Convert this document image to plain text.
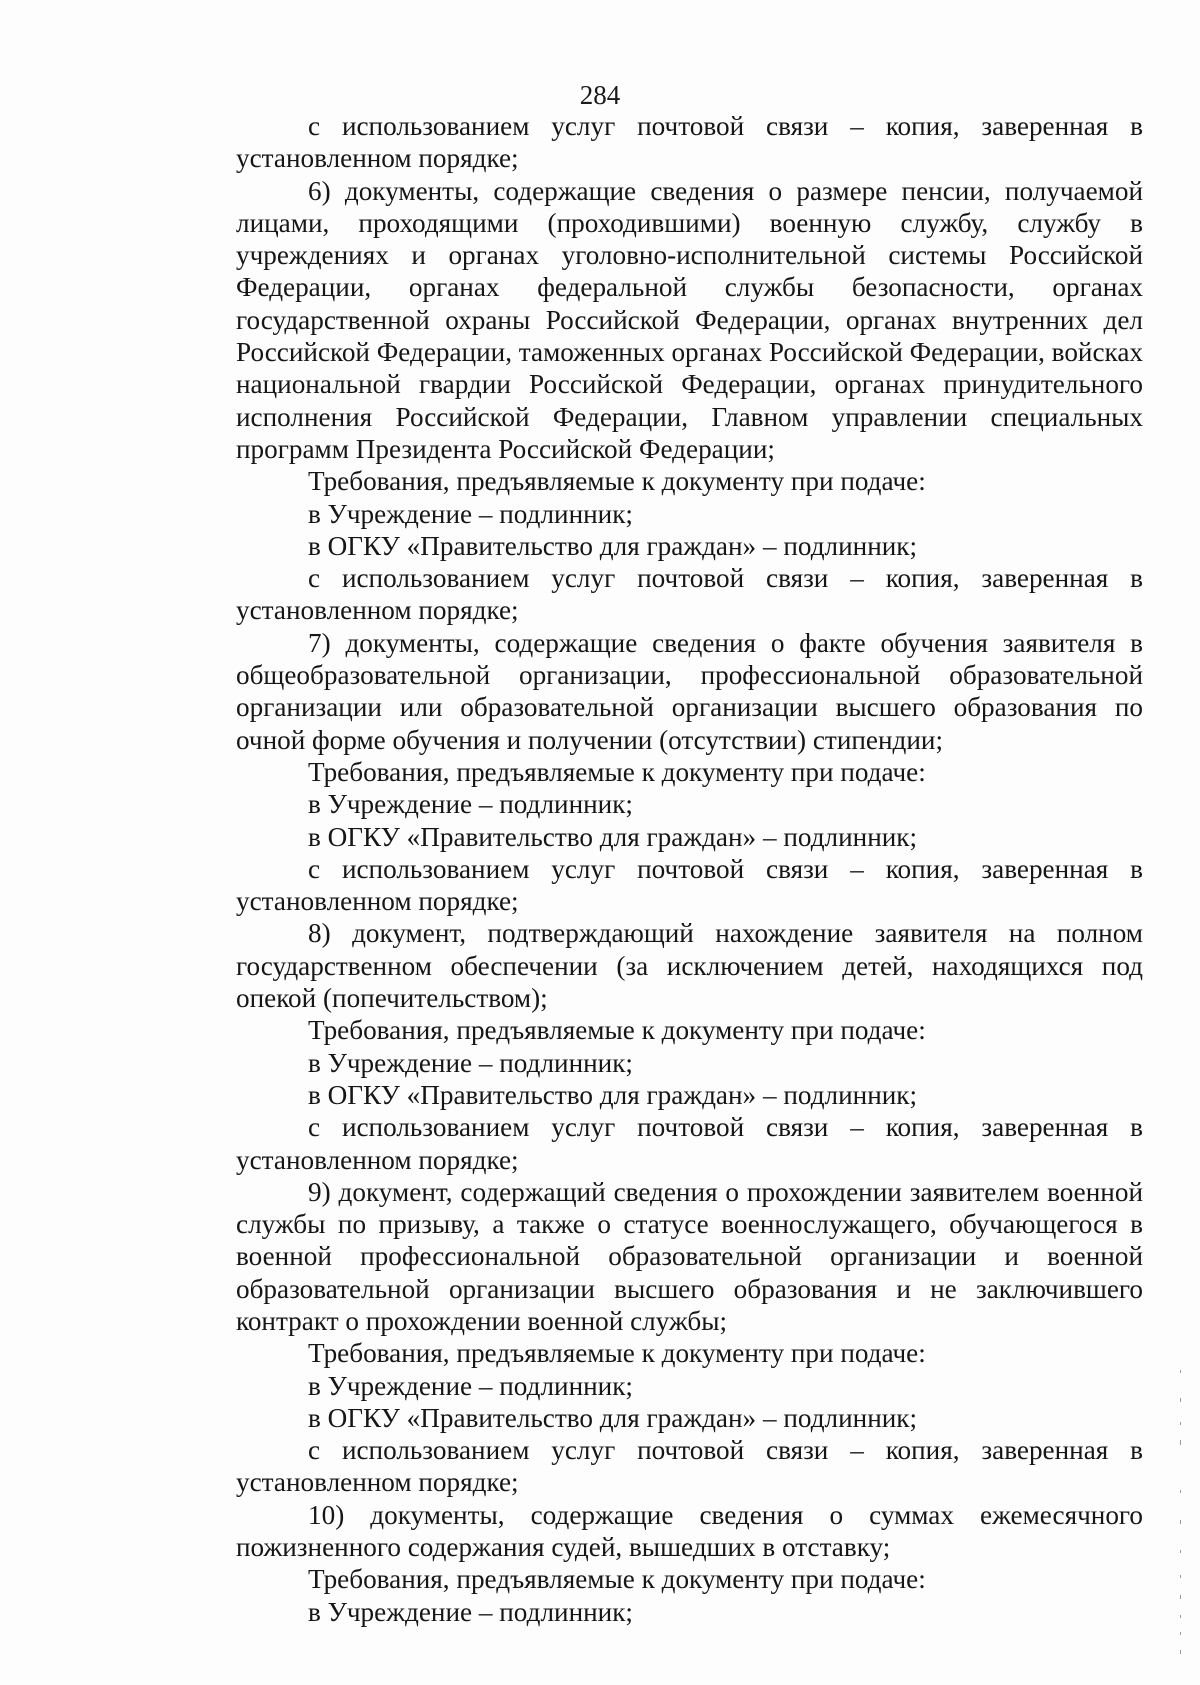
284

с использованием услуг почтовой связи – копия, заверенная в установленном порядке;

6) документы, содержащие сведения о размере пенсии, получаемой лицами, проходящими (проходившими) военную службу, службу в учреждениях и органах уголовно-исполнительной системы Российской Федерации, органах федеральной службы безопасности, органах государственной охраны Российской Федерации, органах внутренних дел Российской Федерации, таможенных органах Российской Федерации, войсках национальной гвардии Российской Федерации, органах принудительного исполнения Российской Федерации, Главном управлении специальных программ Президента Российской Федерации;

Требования, предъявляемые к документу при подаче:

в Учреждение – подлинник;

в ОГКУ «Правительство для граждан» – подлинник;

с использованием услуг почтовой связи – копия, заверенная в установленном порядке;

7) документы, содержащие сведения о факте обучения заявителя в общеобразовательной организации, профессиональной образовательной организации или образовательной организации высшего образования по очной форме обучения и получении (отсутствии) стипендии;

Требования, предъявляемые к документу при подаче:

в Учреждение – подлинник;

в ОГКУ «Правительство для граждан» – подлинник;

с использованием услуг почтовой связи – копия, заверенная в установленном порядке;

8) документ, подтверждающий нахождение заявителя на полном государственном обеспечении (за исключением детей, находящихся под опекой (попечительством);

Требования, предъявляемые к документу при подаче:

в Учреждение – подлинник;

в ОГКУ «Правительство для граждан» – подлинник;

с использованием услуг почтовой связи – копия, заверенная в установленном порядке;

9) документ, содержащий сведения о прохождении заявителем военной службы по призыву, а также о статусе военнослужащего, обучающегося в военной профессиональной образовательной организации и военной образовательной организации высшего образования и не заключившего контракт о прохождении военной службы;

Требования, предъявляемые к документу при подаче:

в Учреждение – подлинник;

в ОГКУ «Правительство для граждан» – подлинник;

с использованием услуг почтовой связи – копия, заверенная в установленном порядке;

10) документы, содержащие сведения о суммах ежемесячного пожизненного содержания судей, вышедших в отставку;

Требования, предъявляемые к документу при подаче:

в Учреждение – подлинник;
